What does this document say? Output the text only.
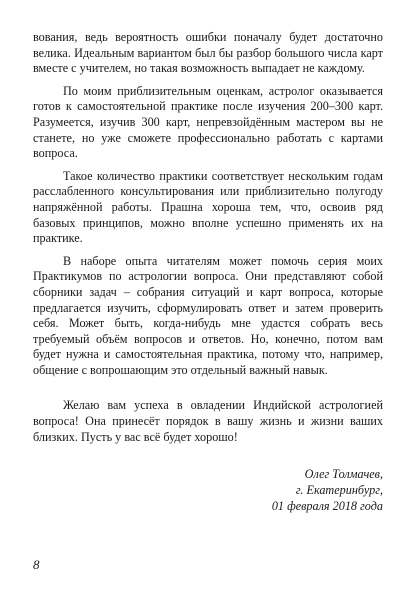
вования, ведь вероятность ошибки поначалу будет достаточно велика. Идеальным вариантом был бы разбор большого числа карт вместе с учителем, но такая возможность выпадает не каждому.

По моим приблизительным оценкам, астролог оказывается готов к самостоятельной практике после изучения 200–300 карт. Разумеется, изучив 300 карт, непревзойдённым мастером вы не станете, но уже сможете профессионально работать с картами вопроса.

Такое количество практики соответствует нескольким годам расслабленного консультирования или приблизительно полугоду напряжённой работы. Прашна хороша тем, что, освоив ряд базовых принципов, можно вполне успешно применять их на практике.

В наборе опыта читателям может помочь серия моих Практикумов по астрологии вопроса. Они представляют собой сборники задач – собрания ситуаций и карт вопроса, которые предлагается изучить, сформулировать ответ и затем проверить себя. Может быть, когда-нибудь мне удастся собрать весь требуемый объём вопросов и ответов. Но, конечно, потом вам будет нужна и самостоятельная практика, потому что, например, общение с вопрошающим это отдельный важный навык.

Желаю вам успеха в овладении Индийской астрологией вопроса! Она принесёт порядок в вашу жизнь и жизни ваших близких. Пусть у вас всё будет хорошо!

Олег Толмачев,
г. Екатеринбург,
01 февраля 2018 года
8
